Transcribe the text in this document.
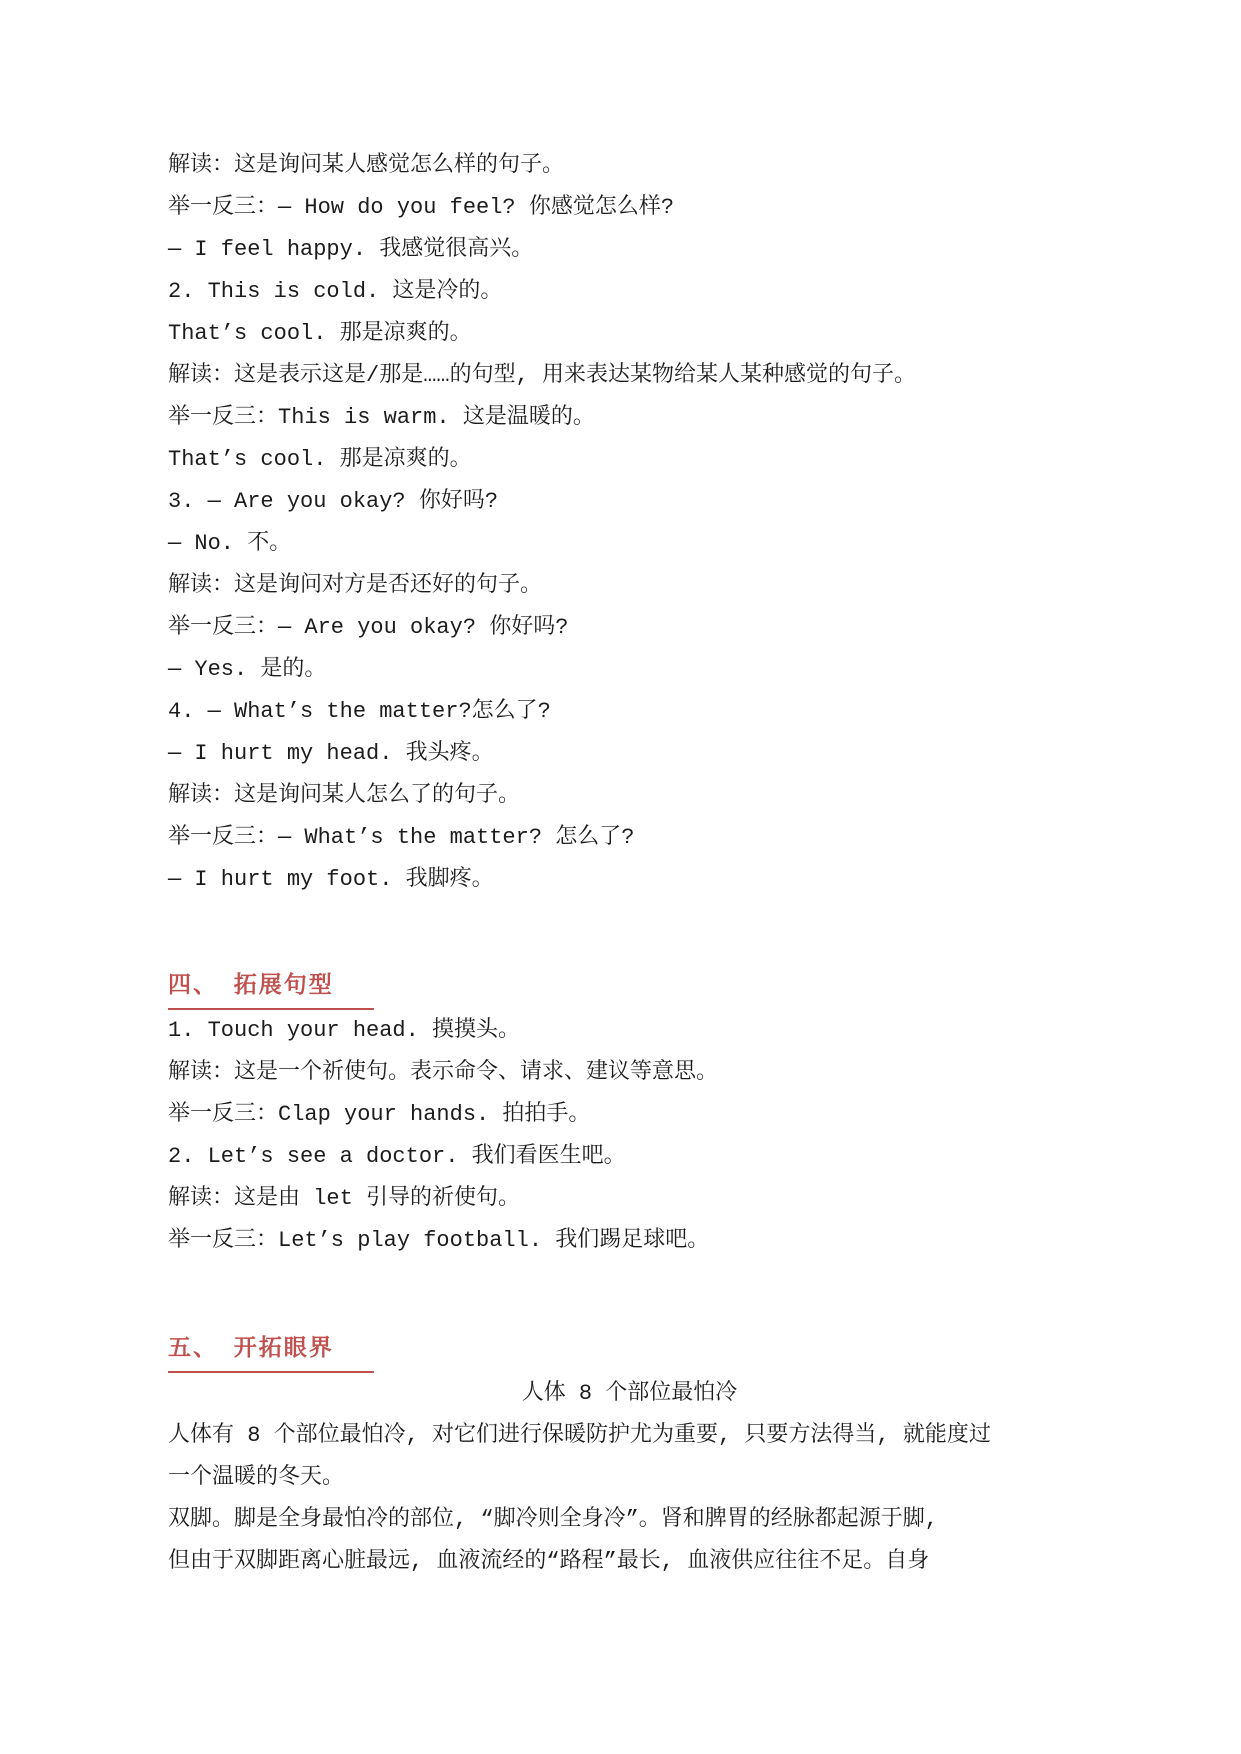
解读：这是询问某人感觉怎么样的句子。
举一反三：— How do you feel? 你感觉怎么样?
— I feel happy. 我感觉很高兴。
2. This is cold. 这是冷的。
That’s cool. 那是凉爽的。
解读：这是表示这是/那是……的句型, 用来表达某物给某人某种感觉的句子。
举一反三：This is warm. 这是温暖的。
That’s cool. 那是凉爽的。
3. — Are you okay? 你好吗?
— No. 不。
解读：这是询问对方是否还好的句子。
举一反三：— Are you okay? 你好吗?
— Yes. 是的。
4. — What’s the matter?怎么了?
— I hurt my head. 我头疼。
解读：这是询问某人怎么了的句子。
举一反三：— What’s the matter? 怎么了?
— I hurt my foot. 我脚疼。
四、 拓展句型
1. Touch your head. 摸摸头。
解读：这是一个祈使句。表示命令、请求、建议等意思。
举一反三：Clap your hands. 拍拍手。
2. Let’s see a doctor. 我们看医生吧。
解读：这是由 let 引导的祈使句。
举一反三：Let’s play football. 我们踢足球吧。
五、 开拓眼界
人体 8 个部位最怕冷
人体有 8 个部位最怕冷, 对它们进行保暖防护尤为重要, 只要方法得当, 就能度过
一个温暖的冬天。
双脚。脚是全身最怕冷的部位, “脚冷则全身冷”。肾和脾胃的经脉都起源于脚,
但由于双脚距离心脏最远, 血液流经的“路程”最长, 血液供应往往不足。自身
